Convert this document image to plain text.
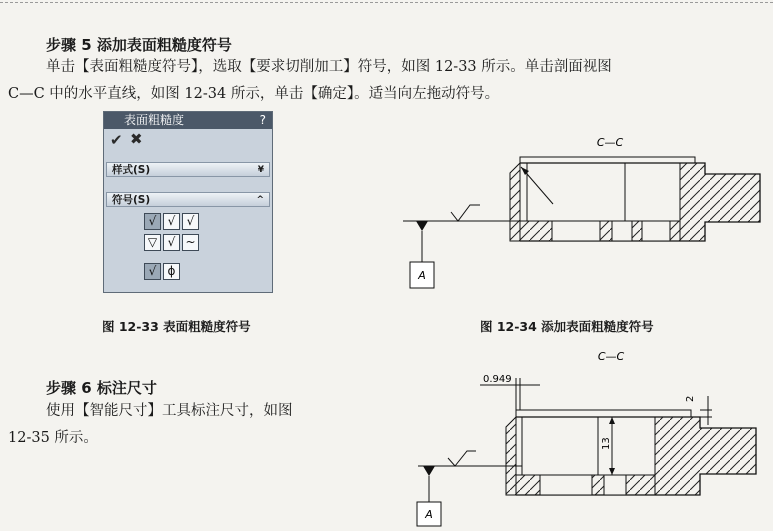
步骤 5 添加表面粗糙度符号
单击【表面粗糙度符号】，选取【要求切削加工】符号，如图 12-33 所示。单击剖面视图
C—C 中的水平直线，如图 12-34 所示，单击【确定】。适当向左拖动符号。
表面粗糙度	?
✔ ✖
样式(S)	¥
符号(S)	^
√ √ √
▽ √ ~
√ ϕ
图 12-33 表面粗糙度符号
C—C
A
C—C
0.949
13
2
A
图 12-34 添加表面粗糙度符号
步骤 6 标注尺寸
使用【智能尺寸】工具标注尺寸，如图
12-35 所示。
